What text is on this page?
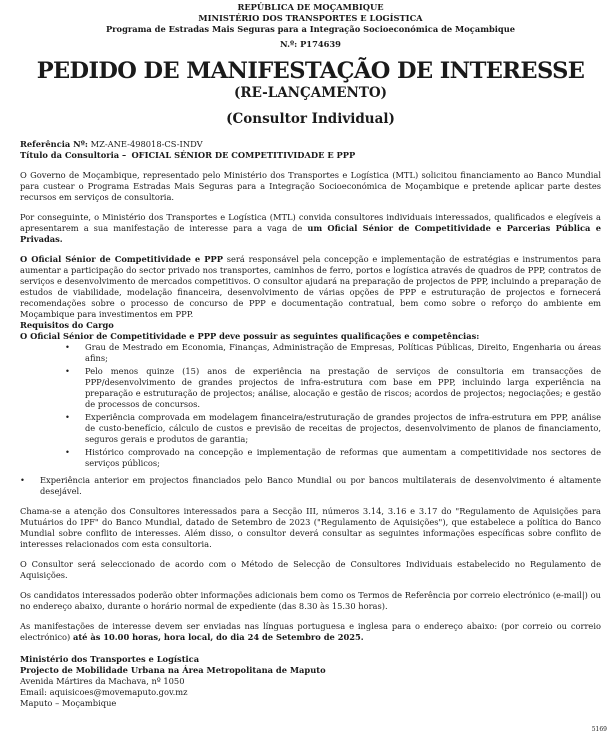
REPÚBLICA DE MOÇAMBIQUE
MINISTÉRIO DOS TRANSPORTES E LOGÍSTICA
Programa de Estradas Mais Seguras para a Integração Socioeconómica de Moçambique
N.º: P174639
PEDIDO DE MANIFESTAÇÃO DE INTERESSE
(RE-LANÇAMENTO)
(Consultor Individual)
Referência Nº: MZ-ANE-498018-CS-INDV
Título da Consultoria – OFICIAL SÉNIOR DE COMPETITIVIDADE E PPP

O Governo de Moçambique, representado pelo Ministério dos Transportes e Logística (MTL) solicitou financiamento ao Banco Mundial para custear o Programa Estradas Mais Seguras para a Integração Socioeconómica de Moçambique e pretende aplicar parte destes recursos em serviços de consultoria.

Por conseguinte, o Ministério dos Transportes e Logística (MTL) convida consultores individuais interessados, qualificados e elegíveis a apresentarem a sua manifestação de interesse para a vaga de um Oficial Sénior de Competitividade e Parcerias Pública e Privadas.

O Oficial Sénior de Competitividade e PPP será responsável pela concepção e implementação de estratégias e instrumentos para aumentar a participação do sector privado nos transportes, caminhos de ferro, portos e logística através de quadros de PPP, contratos de serviços e desenvolvimento de mercados competitivos. O consultor ajudará na preparação de projectos de PPP, incluindo a preparação de estudos de viabilidade, modelação financeira, desenvolvimento de várias opções de PPP e estruturação de projectos e fornecerá recomendações sobre o processo de concurso de PPP e documentação contratual, bem como sobre o reforço do ambiente em Moçambique para investimentos em PPP.

Requisitos do Cargo

O Oficial Sénior de Competitividade e PPP deve possuir as seguintes qualificações e competências:

• Grau de Mestrado em Economia, Finanças, Administração de Empresas, Políticas Públicas, Direito, Engenharia ou áreas afins;
• Pelo menos quinze (15) anos de experiência na prestação de serviços de consultoria em transacções de PPP/desenvolvimento de grandes projectos de infra-estrutura com base em PPP, incluindo larga experiência na preparação e estruturação de projectos; análise, alocação e gestão de riscos; acordos de projectos; negociações; e gestão de processos de concursos.
• Experiência comprovada em modelagem financeira/estruturação de grandes projectos de infra-estrutura em PPP, análise de custo-benefício, cálculo de custos e previsão de receitas de projectos, desenvolvimento de planos de financiamento, seguros gerais e produtos de garantia;
• Histórico comprovado na concepção e implementação de reformas que aumentam a competitividade nos sectores de serviços públicos;
• Experiência anterior em projectos financiados pelo Banco Mundial ou por bancos multilaterais de desenvolvimento é altamente desejável.

Chama-se a atenção dos Consultores interessados para a Secção III, números 3.14, 3.16 e 3.17 do "Regulamento de Aquisições para Mutuários do IPF" do Banco Mundial, datado de Setembro de 2023 ("Regulamento de Aquisições"), que estabelece a política do Banco Mundial sobre conflito de interesses. Além disso, o consultor deverá consultar as seguintes informações específicas sobre conflito de interesses relacionados com esta consultoria.

O Consultor será seleccionado de acordo com o Método de Selecção de Consultores Individuais estabelecido no Regulamento de Aquisições.

Os candidatos interessados poderão obter informações adicionais bem como os Termos de Referência por correio electrónico (e-mail|) ou no endereço abaixo, durante o horário normal de expediente (das 8.30 às 15.30 horas).

As manifestações de interesse devem ser enviadas nas línguas portuguesa e inglesa para o endereço abaixo: (por correio ou correio electrónico) até às 10.00 horas, hora local, do dia 24 de Setembro de 2025.

Ministério dos Transportes e Logística
Projecto de Mobilidade Urbana na Área Metropolitana de Maputo
Avenida Mártires da Machava, nº 1050
Email: aquisicoes@movemaputo.gov.mz
Maputo – Moçambique
5169
